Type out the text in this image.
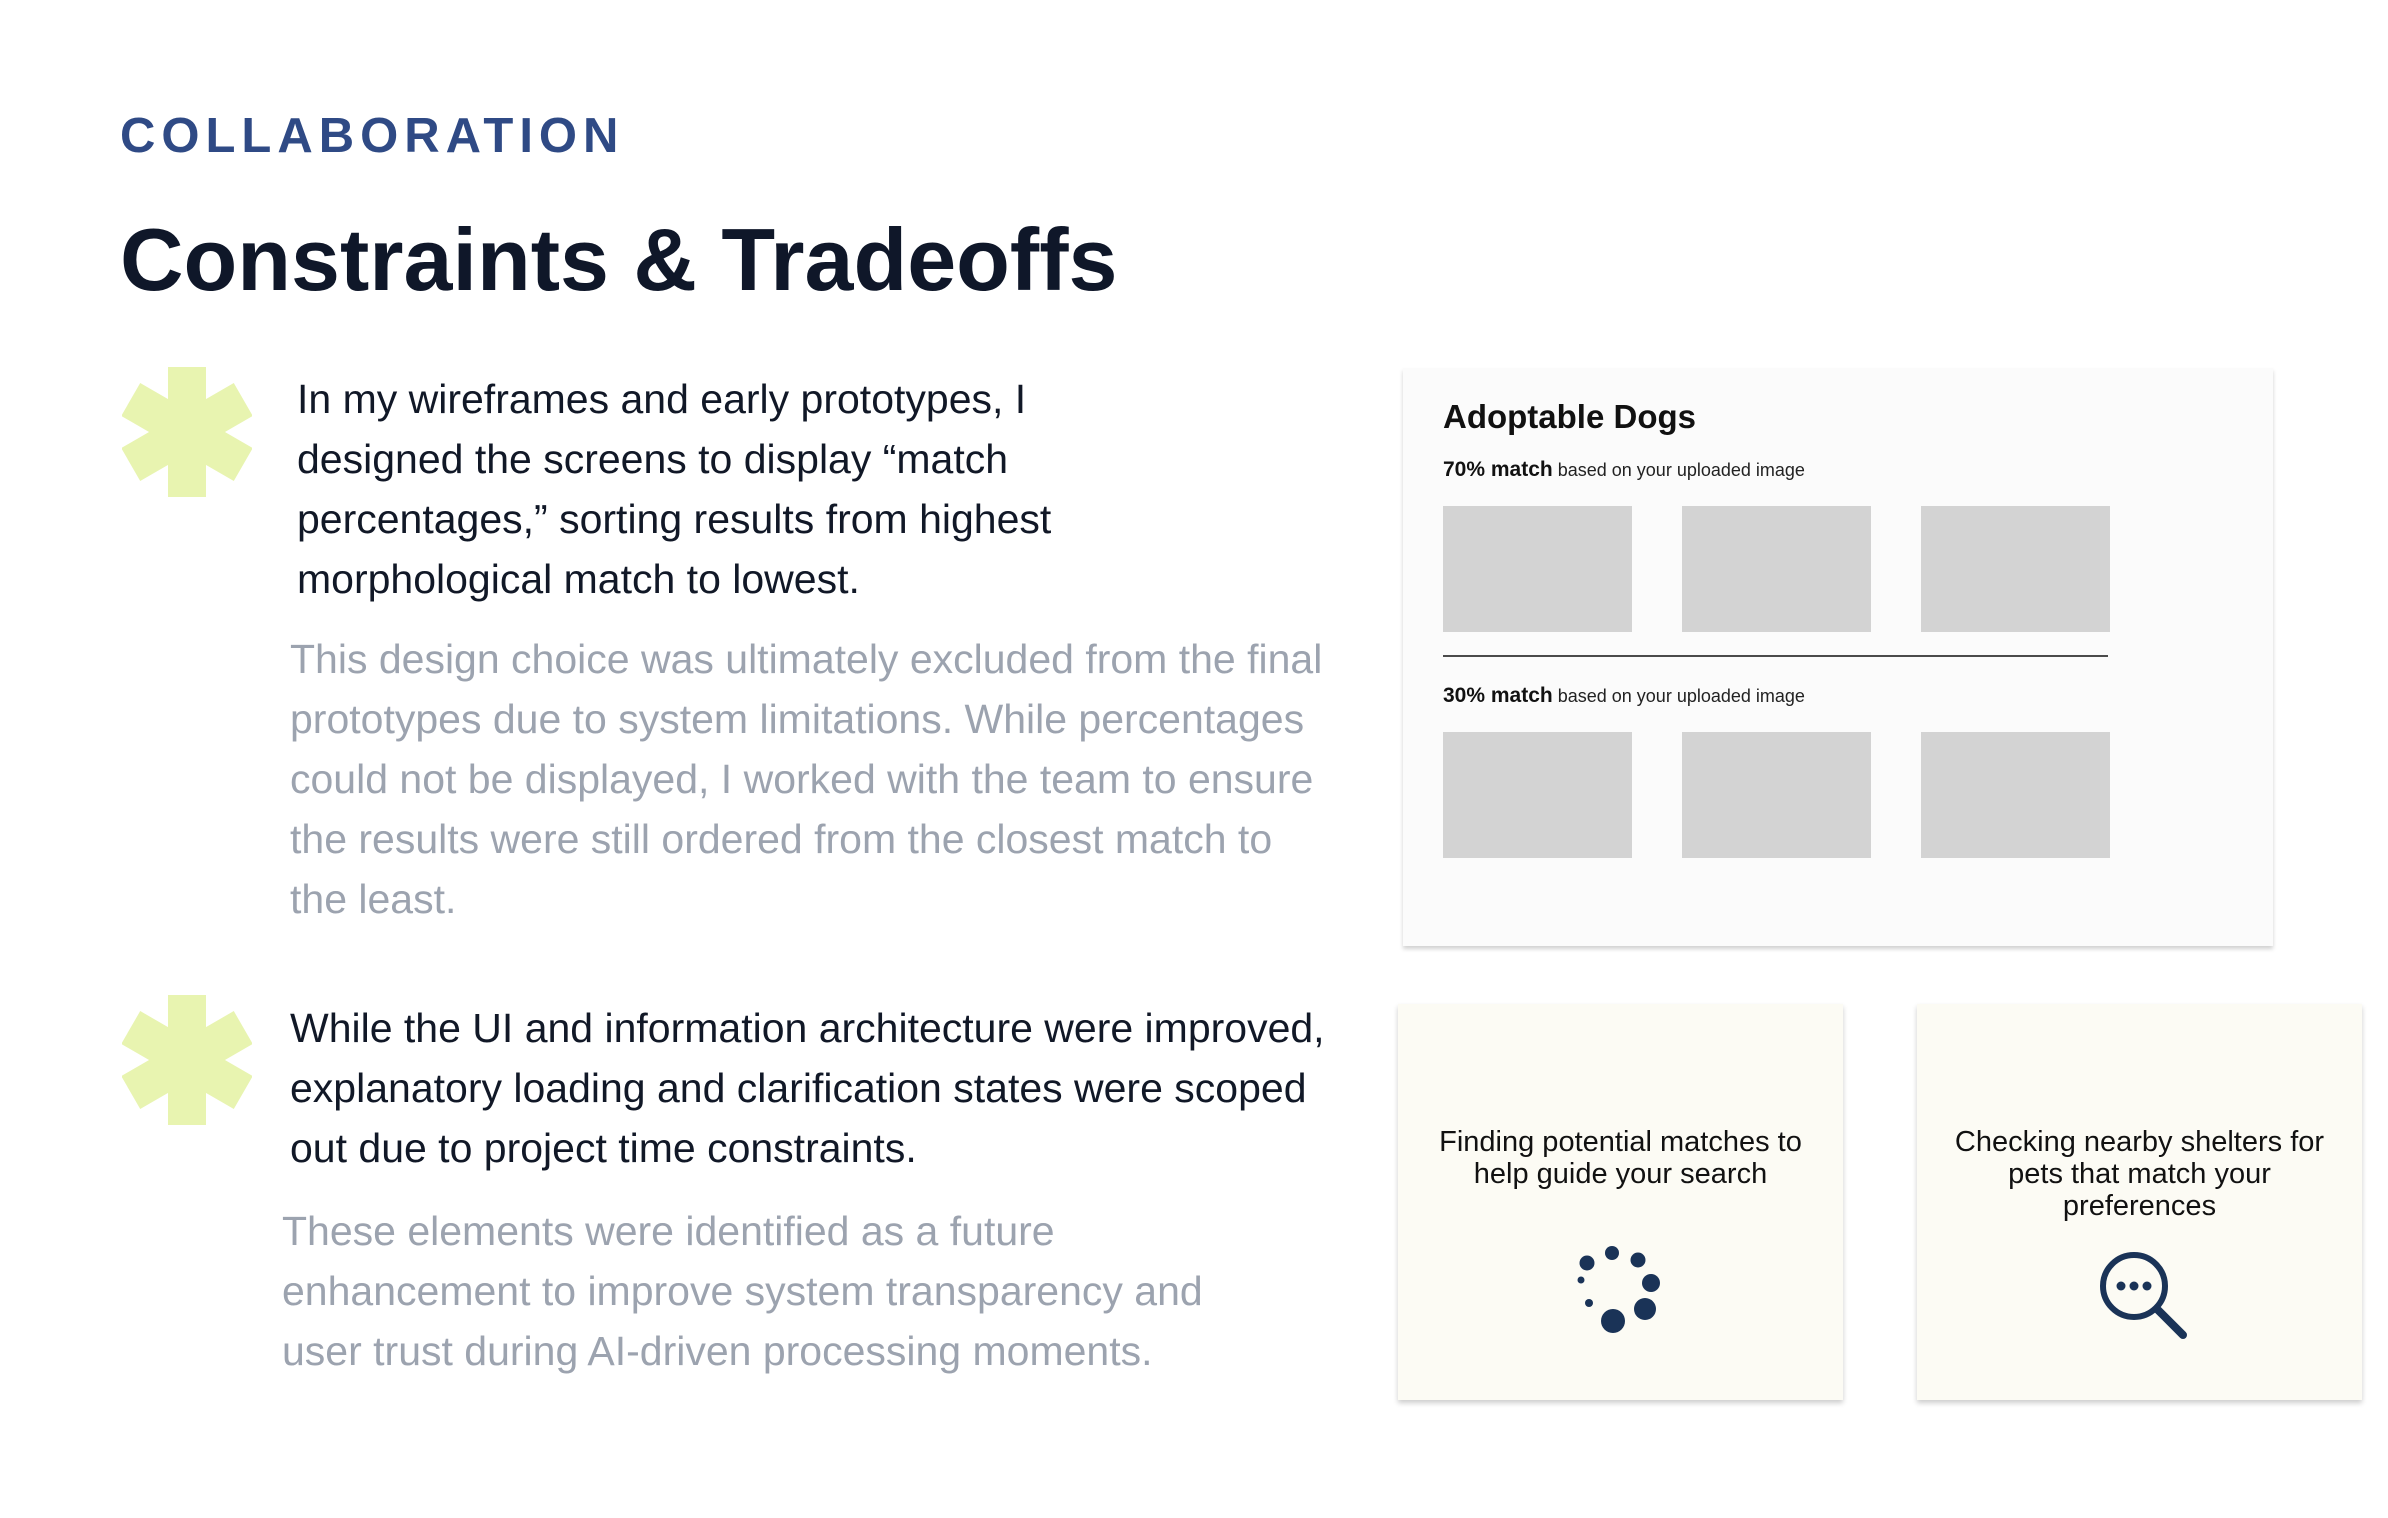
COLLABORATION
Constraints & Tradeoffs
In my wireframes and early prototypes, I designed the screens to display “match percentages,” sorting results from highest morphological match to lowest.
This design choice was ultimately excluded from the final prototypes due to system limitations. While percentages could not be displayed, I worked with the team to ensure the results were still ordered from the closest match to the least.
While the UI and information architecture were improved, explanatory loading and clarification states were scoped out due to project time constraints.
These elements were identified as a future enhancement to improve system transparency and user trust during AI-driven processing moments.
Adoptable Dogs
70% match based on your uploaded image
30% match based on your uploaded image
Finding potential matches to help guide your search
Checking nearby shelters for pets that match your preferences
